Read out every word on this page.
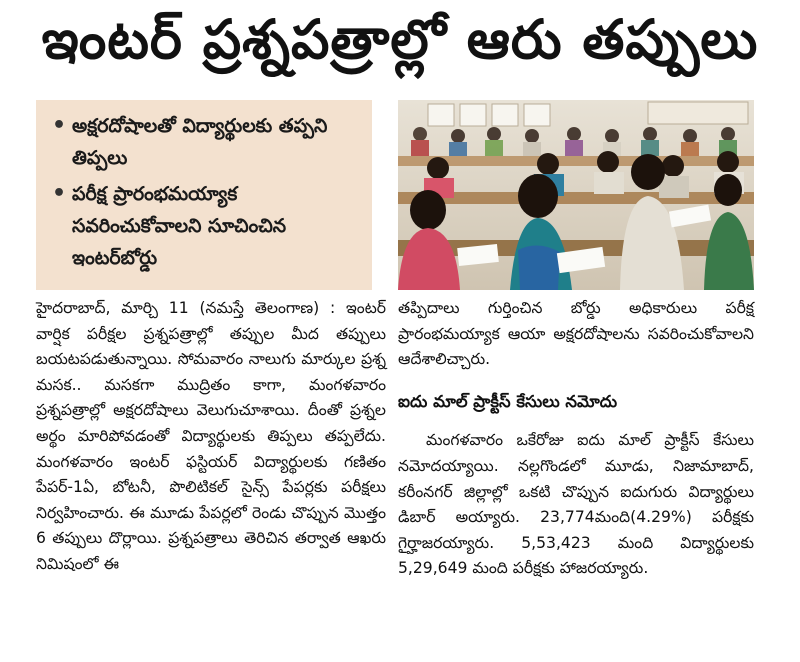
ఇంటర్ ప్రశ్నపత్రాల్లో ఆరు తప్పులు
• అక్షరదోషాలతో విద్యార్థులకు తప్పని తిప్పలు
• పరీక్ష ప్రారంభమయ్యాక సవరించుకోవాలని సూచించిన ఇంటర్‌బోర్డు

హైదరాబాద్, మార్చి 11 (నమస్తే తెలంగాణ) : ఇంటర్ వార్షిక పరీక్షల ప్రశ్నపత్రాల్లో తప్పుల మీద తప్పులు బయటపడుతున్నాయి. సోమవారం నాలుగు మార్కుల ప్రశ్న మసక.. మసకగా ముద్రితం కాగా, మంగళవారం ప్రశ్నపత్రాల్లో అక్షరదోషాలు వెలుగుచూశాయి. దీంతో ప్రశ్నల అర్థం మారిపోవడంతో విద్యార్థులకు తిప్పలు తప్పలేదు. మంగళవారం ఇంటర్ ఫస్టియర్ విద్యార్థులకు గణితం పేపర్-1ఏ, బోటనీ, పొలిటికల్ సైన్స్ పేపర్లకు పరీక్షలు నిర్వహించారు. ఈ మూడు పేపర్లలో రెండు చొప్పున మొత్తం 6 తప్పులు దొర్లాయి. ప్రశ్నపత్రాలు తెరిచిన తర్వాత ఆఖరు నిమిషంలో ఈ

తప్పిదాలు గుర్తించిన బోర్డు అధికారులు పరీక్ష ప్రారంభమయ్యాక ఆయా అక్షరదోషాలను సవరించుకోవాలని ఆదేశాలిచ్చారు.

ఐదు మాల్ ప్రాక్టీస్ కేసులు నమోదు

మంగళవారం ఒకేరోజు ఐదు మాల్ ప్రాక్టీస్ కేసులు నమోదయ్యాయి. నల్లగొండలో మూడు, నిజామాబాద్, కరీంనగర్ జిల్లాల్లో ఒకటి చొప్పున ఐదుగురు విద్యార్థులు డిబార్ అయ్యారు. 23,774మంది(4.29%) పరీక్షకు గైర్హాజరయ్యారు. 5,53,423 మంది విద్యార్థులకు 5,29,649 మంది పరీక్షకు హాజరయ్యారు.
